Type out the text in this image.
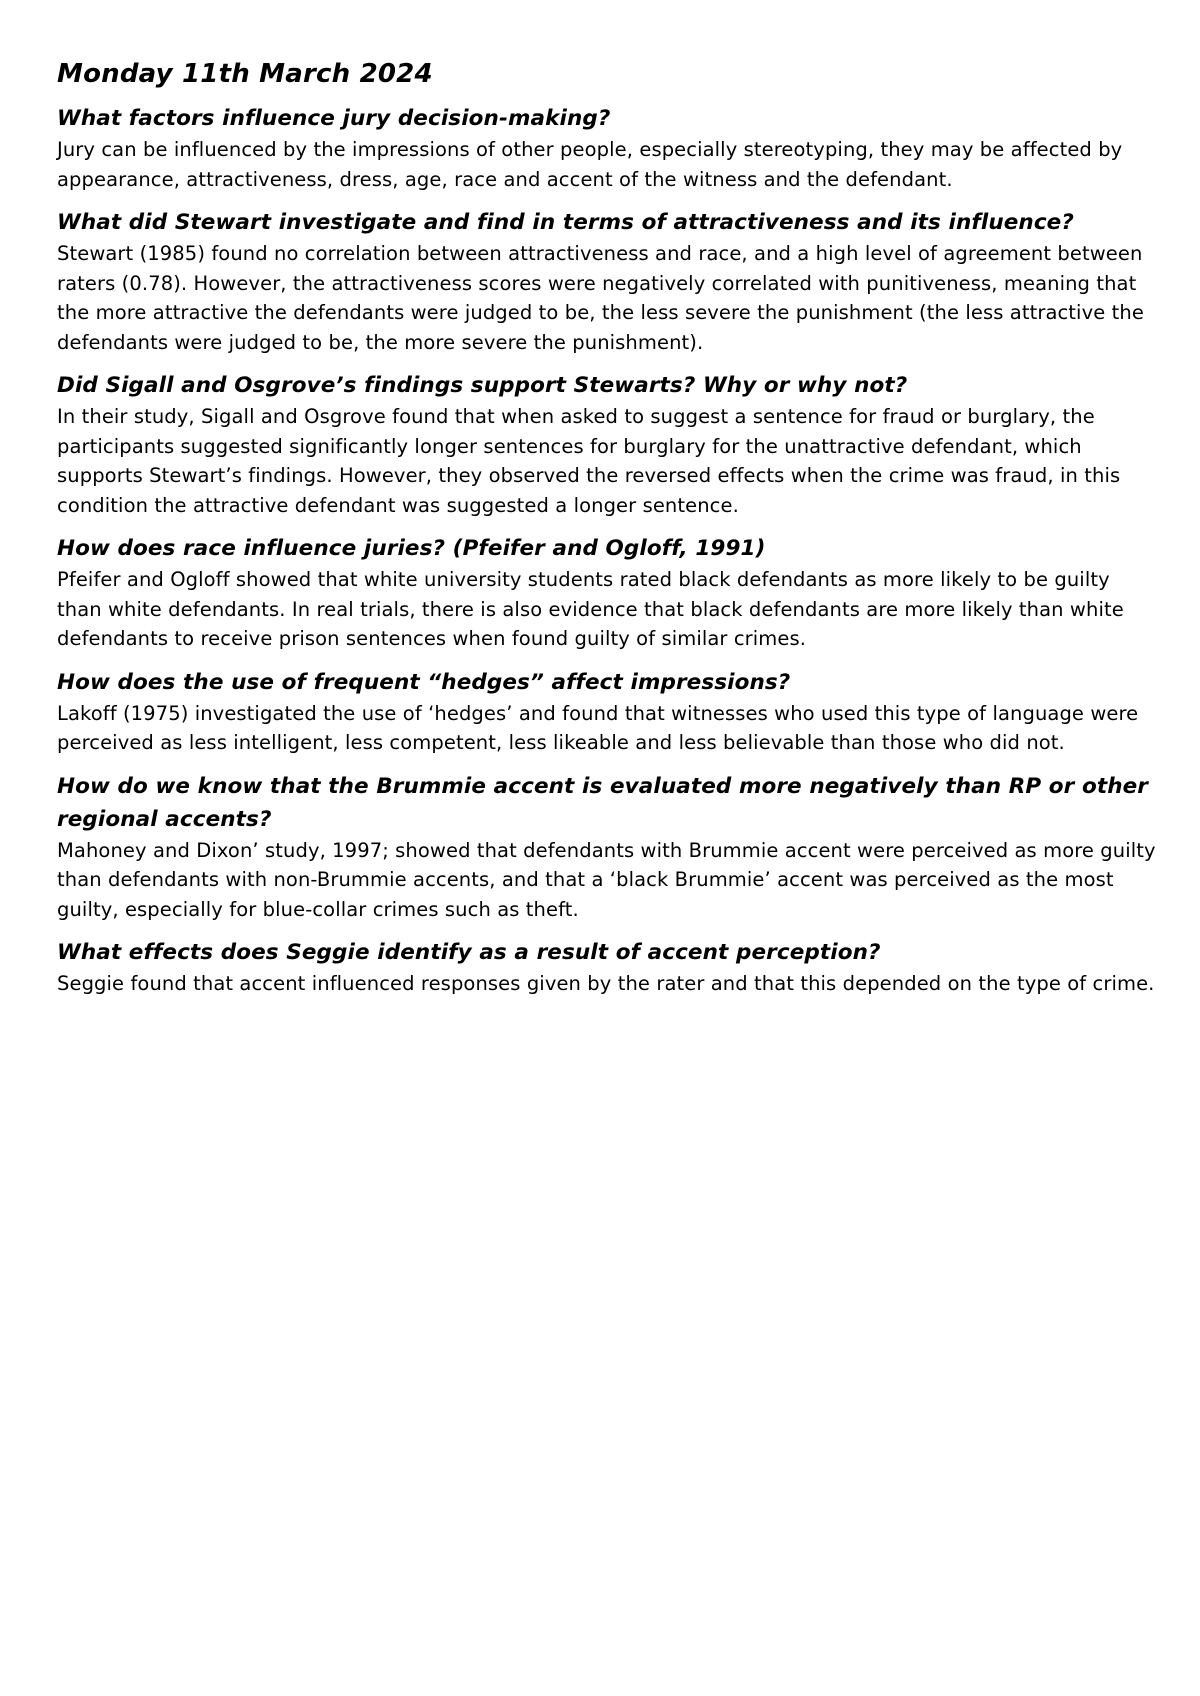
Monday 11th March 2024

What factors influence jury decision-making?

Jury can be influenced by the impressions of other people, especially stereotyping, they may be affected by appearance, attractiveness, dress, age, race and accent of the witness and the defendant.

What did Stewart investigate and find in terms of attractiveness and its influence?

Stewart (1985) found no correlation between attractiveness and race, and a high level of agreement between raters (0.78). However, the attractiveness scores were negatively correlated with punitiveness, meaning that the more attractive the defendants were judged to be, the less severe the punishment (the less attractive the defendants were judged to be, the more severe the punishment).

Did Sigall and Osgrove’s findings support Stewarts? Why or why not?

In their study, Sigall and Osgrove found that when asked to suggest a sentence for fraud or burglary, the participants suggested significantly longer sentences for burglary for the unattractive defendant, which supports Stewart’s findings. However, they observed the reversed effects when the crime was fraud, in this condition the attractive defendant was suggested a longer sentence.

How does race influence juries? (Pfeifer and Ogloff, 1991)

Pfeifer and Ogloff showed that white university students rated black defendants as more likely to be guilty than white defendants. In real trials, there is also evidence that black defendants are more likely than white defendants to receive prison sentences when found guilty of similar crimes.

How does the use of frequent “hedges” affect impressions?

Lakoff (1975) investigated the use of ‘hedges’ and found that witnesses who used this type of language were perceived as less intelligent, less competent, less likeable and less believable than those who did not.

How do we know that the Brummie accent is evaluated more negatively than RP or other regional accents?

Mahoney and Dixon’ study, 1997; showed that defendants with Brummie accent were perceived as more guilty than defendants with non-Brummie accents, and that a ‘black Brummie’ accent was perceived as the most guilty, especially for blue-collar crimes such as theft.

What effects does Seggie identify as a result of accent perception?

Seggie found that accent influenced responses given by the rater and that this depended on the type of crime.
